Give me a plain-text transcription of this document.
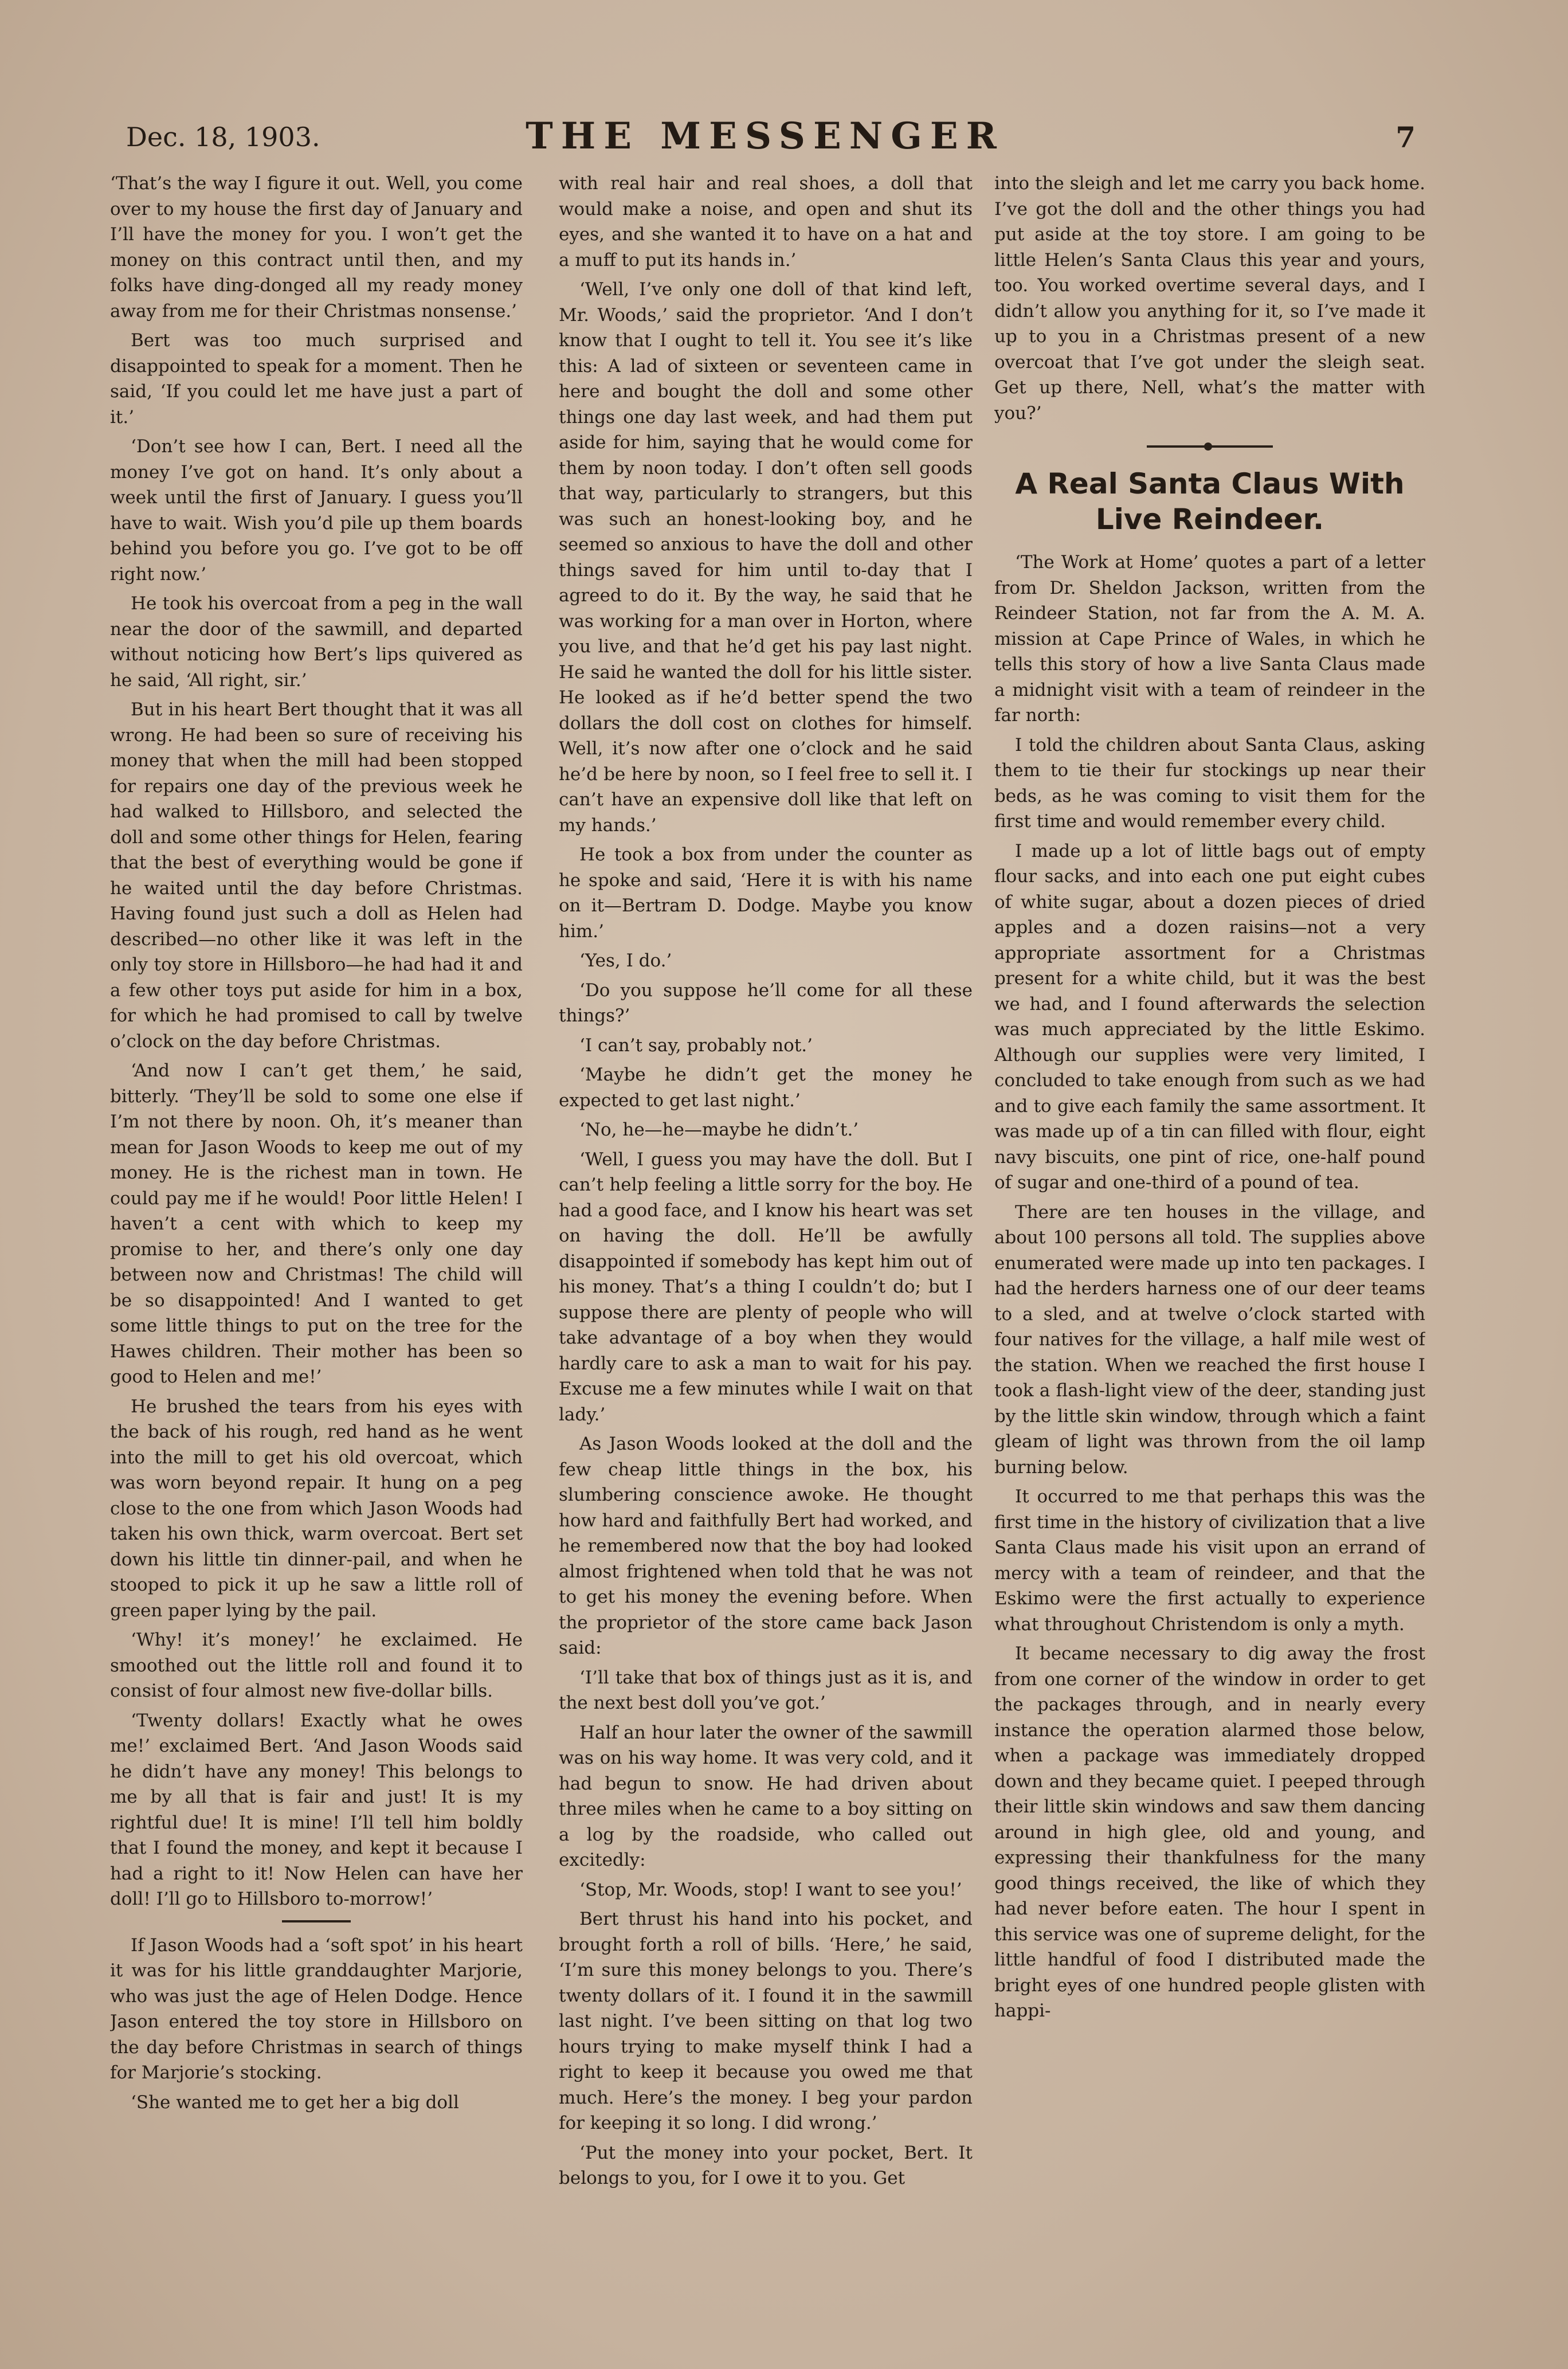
Dec. 18, 1903.	THE MESSENGER	7

‘That’s the way I figure it out. Well, you come over to my house the first day of January and I’ll have the money for you. I won’t get the money on this contract until then, and my folks have ding-donged all my ready money away from me for their Christmas nonsense.’

Bert was too much surprised and disappointed to speak for a moment. Then he said, ‘If you could let me have just a part of it.’

‘Don’t see how I can, Bert. I need all the money I’ve got on hand. It’s only about a week until the first of January. I guess you’ll have to wait. Wish you’d pile up them boards behind you before you go. I’ve got to be off right now.’

He took his overcoat from a peg in the wall near the door of the sawmill, and departed without noticing how Bert’s lips quivered as he said, ‘All right, sir.’

But in his heart Bert thought that it was all wrong. He had been so sure of receiving his money that when the mill had been stopped for repairs one day of the previous week he had walked to Hillsboro, and selected the doll and some other things for Helen, fearing that the best of everything would be gone if he waited until the day before Christmas. Having found just such a doll as Helen had described—no other like it was left in the only toy store in Hillsboro—he had had it and a few other toys put aside for him in a box, for which he had promised to call by twelve o’clock on the day before Christmas.

‘And now I can’t get them,’ he said, bitterly. ‘They’ll be sold to some one else if I’m not there by noon. Oh, it’s meaner than mean for Jason Woods to keep me out of my money. He is the richest man in town. He could pay me if he would! Poor little Helen! I haven’t a cent with which to keep my promise to her, and there’s only one day between now and Christmas! The child will be so disappointed! And I wanted to get some little things to put on the tree for the Hawes children. Their mother has been so good to Helen and me!’

He brushed the tears from his eyes with the back of his rough, red hand as he went into the mill to get his old overcoat, which was worn beyond repair. It hung on a peg close to the one from which Jason Woods had taken his own thick, warm overcoat. Bert set down his little tin dinner-pail, and when he stooped to pick it up he saw a little roll of green paper lying by the pail.

‘Why! it’s money!’ he exclaimed. He smoothed out the little roll and found it to consist of four almost new five-dollar bills.

‘Twenty dollars! Exactly what he owes me!’ exclaimed Bert. ‘And Jason Woods said he didn’t have any money! This belongs to me by all that is fair and just! It is my rightful due! It is mine! I’ll tell him boldly that I found the money, and kept it because I had a right to it! Now Helen can have her doll! I’ll go to Hillsboro to-morrow!’

If Jason Woods had a ‘soft spot’ in his heart it was for his little granddaughter Marjorie, who was just the age of Helen Dodge. Hence Jason entered the toy store in Hillsboro on the day before Christmas in search of things for Marjorie’s stocking.

‘She wanted me to get her a big doll

with real hair and real shoes, a doll that would make a noise, and open and shut its eyes, and she wanted it to have on a hat and a muff to put its hands in.’

‘Well, I’ve only one doll of that kind left, Mr. Woods,’ said the proprietor. ‘And I don’t know that I ought to tell it. You see it’s like this: A lad of sixteen or seventeen came in here and bought the doll and some other things one day last week, and had them put aside for him, saying that he would come for them by noon today. I don’t often sell goods that way, particularly to strangers, but this was such an honest-looking boy, and he seemed so anxious to have the doll and other things saved for him until to-day that I agreed to do it. By the way, he said that he was working for a man over in Horton, where you live, and that he’d get his pay last night. He said he wanted the doll for his little sister. He looked as if he’d better spend the two dollars the doll cost on clothes for himself. Well, it’s now after one o’clock and he said he’d be here by noon, so I feel free to sell it. I can’t have an expensive doll like that left on my hands.’

He took a box from under the counter as he spoke and said, ‘Here it is with his name on it—Bertram D. Dodge. Maybe you know him.’

‘Yes, I do.’

‘Do you suppose he’ll come for all these things?’

‘I can’t say, probably not.’

‘Maybe he didn’t get the money he expected to get last night.’

‘No, he—he—maybe he didn’t.’

‘Well, I guess you may have the doll. But I can’t help feeling a little sorry for the boy. He had a good face, and I know his heart was set on having the doll. He’ll be awfully disappointed if somebody has kept him out of his money. That’s a thing I couldn’t do; but I suppose there are plenty of people who will take advantage of a boy when they would hardly care to ask a man to wait for his pay. Excuse me a few minutes while I wait on that lady.’

As Jason Woods looked at the doll and the few cheap little things in the box, his slumbering conscience awoke. He thought how hard and faithfully Bert had worked, and he remembered now that the boy had looked almost frightened when told that he was not to get his money the evening before. When the proprietor of the store came back Jason said:

‘I’ll take that box of things just as it is, and the next best doll you’ve got.’

Half an hour later the owner of the sawmill was on his way home. It was very cold, and it had begun to snow. He had driven about three miles when he came to a boy sitting on a log by the roadside, who called out excitedly:

‘Stop, Mr. Woods, stop! I want to see you!’

Bert thrust his hand into his pocket, and brought forth a roll of bills. ‘Here,’ he said, ‘I’m sure this money belongs to you. There’s twenty dollars of it. I found it in the sawmill last night. I’ve been sitting on that log two hours trying to make myself think I had a right to keep it because you owed me that much. Here’s the money. I beg your pardon for keeping it so long. I did wrong.’

‘Put the money into your pocket, Bert. It belongs to you, for I owe it to you. Get

into the sleigh and let me carry you back home. I’ve got the doll and the other things you had put aside at the toy store. I am going to be little Helen’s Santa Claus this year and yours, too. You worked overtime several days, and I didn’t allow you anything for it, so I’ve made it up to you in a Christmas present of a new overcoat that I’ve got under the sleigh seat. Get up there, Nell, what’s the matter with you?’

A Real Santa Claus With Live Reindeer.

‘The Work at Home’ quotes a part of a letter from Dr. Sheldon Jackson, written from the Reindeer Station, not far from the A. M. A. mission at Cape Prince of Wales, in which he tells this story of how a live Santa Claus made a midnight visit with a team of reindeer in the far north:

I told the children about Santa Claus, asking them to tie their fur stockings up near their beds, as he was coming to visit them for the first time and would remember every child.

I made up a lot of little bags out of empty flour sacks, and into each one put eight cubes of white sugar, about a dozen pieces of dried apples and a dozen raisins—not a very appropriate assortment for a Christmas present for a white child, but it was the best we had, and I found afterwards the selection was much appreciated by the little Eskimo. Although our supplies were very limited, I concluded to take enough from such as we had and to give each family the same assortment. It was made up of a tin can filled with flour, eight navy biscuits, one pint of rice, one-half pound of sugar and one-third of a pound of tea.

There are ten houses in the village, and about 100 persons all told. The supplies above enumerated were made up into ten packages. I had the herders harness one of our deer teams to a sled, and at twelve o’clock started with four natives for the village, a half mile west of the station. When we reached the first house I took a flash-light view of the deer, standing just by the little skin window, through which a faint gleam of light was thrown from the oil lamp burning below.

It occurred to me that perhaps this was the first time in the history of civilization that a live Santa Claus made his visit upon an errand of mercy with a team of reindeer, and that the Eskimo were the first actually to experience what throughout Christendom is only a myth.

It became necessary to dig away the frost from one corner of the window in order to get the packages through, and in nearly every instance the operation alarmed those below, when a package was immediately dropped down and they became quiet. I peeped through their little skin windows and saw them dancing around in high glee, old and young, and expressing their thankfulness for the many good things received, the like of which they had never before eaten. The hour I spent in this service was one of supreme delight, for the little handful of food I distributed made the bright eyes of one hundred people glisten with happi-
